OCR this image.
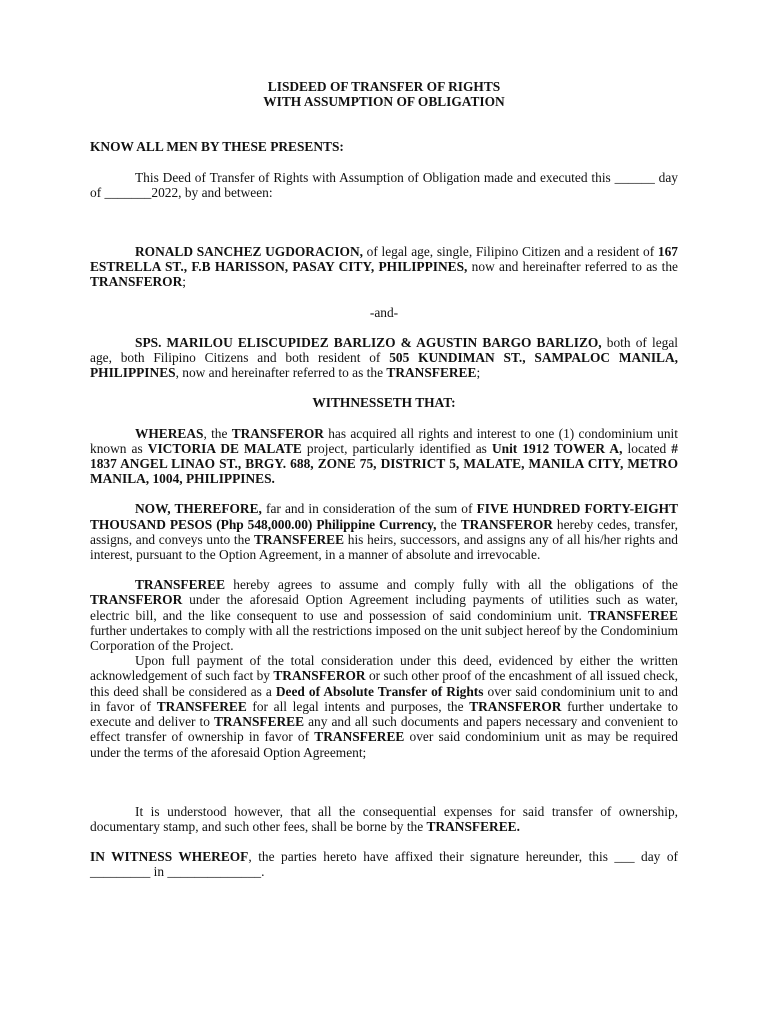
LISDEED OF TRANSFER OF RIGHTS

WITH ASSUMPTION OF OBLIGATION

KNOW ALL MEN BY THESE PRESENTS:

This Deed of Transfer of Rights with Assumption of Obligation made and executed this ______ day of _______2022, by and between:

RONALD SANCHEZ UGDORACION, of legal age, single, Filipino Citizen and a resident of 167 ESTRELLA ST., F.B HARISSON, PASAY CITY, PHILIPPINES, now and hereinafter referred to as the TRANSFEROR;

-and-

SPS. MARILOU ELISCUPIDEZ BARLIZO & AGUSTIN BARGO BARLIZO, both of legal age, both Filipino Citizens and both resident of 505 KUNDIMAN ST., SAMPALOC MANILA, PHILIPPINES, now and hereinafter referred to as the TRANSFEREE;

WITHNESSETH THAT:

WHEREAS, the TRANSFEROR has acquired all rights and interest to one (1) condominium unit known as VICTORIA DE MALATE project, particularly identified as Unit 1912 TOWER A, located # 1837 ANGEL LINAO ST., BRGY. 688, ZONE 75, DISTRICT 5, MALATE, MANILA CITY, METRO MANILA, 1004, PHILIPPINES.

NOW, THEREFORE, far and in consideration of the sum of FIVE HUNDRED FORTY-EIGHT THOUSAND PESOS (Php 548,000.00) Philippine Currency, the TRANSFEROR hereby cedes, transfer, assigns, and conveys unto the TRANSFEREE his heirs, successors, and assigns any of all his/her rights and interest, pursuant to the Option Agreement, in a manner of absolute and irrevocable.

TRANSFEREE hereby agrees to assume and comply fully with all the obligations of the TRANSFEROR under the aforesaid Option Agreement including payments of utilities such as water, electric bill, and the like consequent to use and possession of said condominium unit. TRANSFEREE further undertakes to comply with all the restrictions imposed on the unit subject hereof by the Condominium Corporation of the Project.

Upon full payment of the total consideration under this deed, evidenced by either the written acknowledgement of such fact by TRANSFEROR or such other proof of the encashment of all issued check, this deed shall be considered as a Deed of Absolute Transfer of Rights over said condominium unit to and in favor of TRANSFEREE for all legal intents and purposes, the TRANSFEROR further undertake to execute and deliver to TRANSFEREE any and all such documents and papers necessary and convenient to effect transfer of ownership in favor of TRANSFEREE over said condominium unit as may be required under the terms of the aforesaid Option Agreement;

It is understood however, that all the consequential expenses for said transfer of ownership, documentary stamp, and such other fees, shall be borne by the TRANSFEREE.

IN WITNESS WHEREOF, the parties hereto have affixed their signature hereunder, this ___ day of _________ in ______________.
